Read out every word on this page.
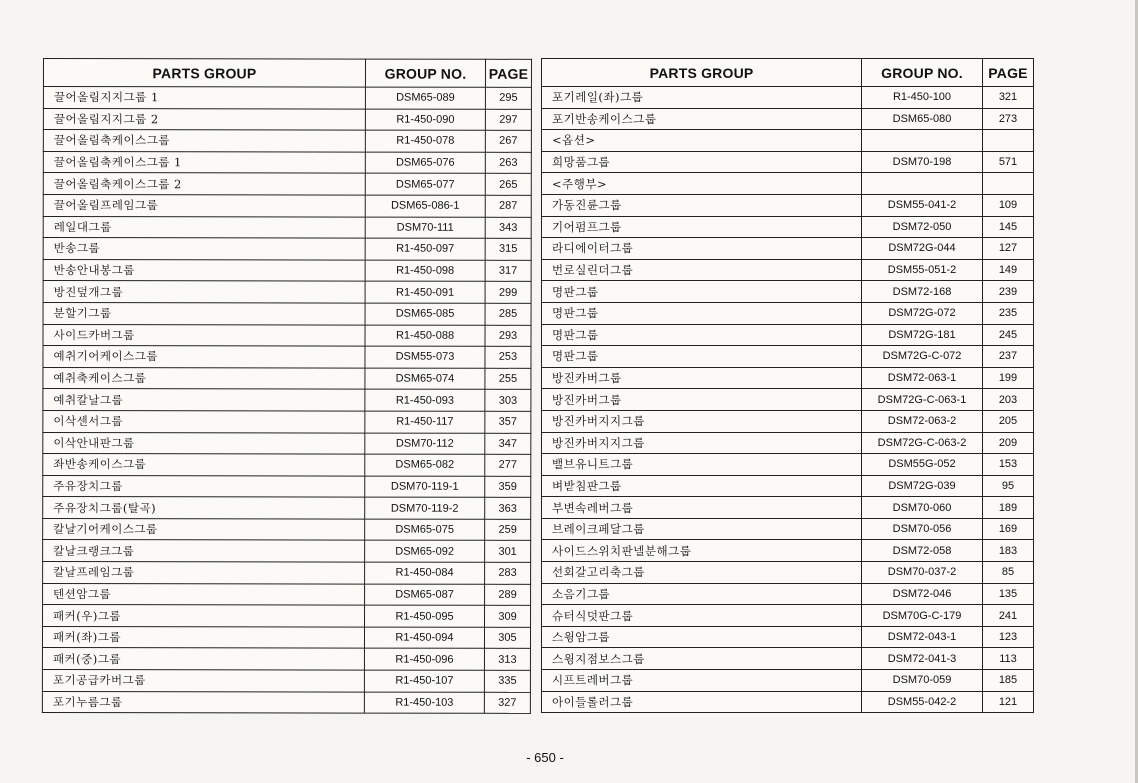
PARTS GROUP	GROUP NO.	PAGE
끌어올림지지그룹 1	DSM65-089	295
끌어올림지지그룹 2	R1-450-090	297
끌어올림축케이스그룹	R1-450-078	267
끌어올림축케이스그룹 1	DSM65-076	263
끌어올림축케이스그룹 2	DSM65-077	265
끌어올림프레임그룹	DSM65-086-1	287
레일대그룹	DSM70-111	343
반송그룹	R1-450-097	315
반송안내봉그룹	R1-450-098	317
방진덮개그룹	R1-450-091	299
분할기그룹	DSM65-085	285
사이드카버그룹	R1-450-088	293
예취기어케이스그룹	DSM55-073	253
예취축케이스그룹	DSM65-074	255
예취칼날그룹	R1-450-093	303
이삭센서그룹	R1-450-117	357
이삭안내판그룹	DSM70-112	347
좌반송케이스그룹	DSM65-082	277
주유장치그룹	DSM70-119-1	359
주유장치그룹(탈곡)	DSM70-119-2	363
칼날기어케이스그룹	DSM65-075	259
칼날크랭크그룹	DSM65-092	301
칼날프레임그룹	R1-450-084	283
텐션암그룹	DSM65-087	289
패커(우)그룹	R1-450-095	309
패커(좌)그룹	R1-450-094	305
패커(중)그룹	R1-450-096	313
포기공급카버그룹	R1-450-107	335
포기누름그룹	R1-450-103	327
PARTS GROUP	GROUP NO.	PAGE
포기레일(좌)그룹	R1-450-100	321
포기반송케이스그룹	DSM65-080	273
<옵션>		
희망품그룹	DSM70-198	571
<주행부>		
가동진륜그룹	DSM55-041-2	109
기어펌프그룹	DSM72-050	145
라디에이터그룹	DSM72G-044	127
번로실린더그룹	DSM55-051-2	149
명판그룹	DSM72-168	239
명판그룹	DSM72G-072	235
명판그룹	DSM72G-181	245
명판그룹	DSM72G-C-072	237
방진카버그룹	DSM72-063-1	199
방진카버그룹	DSM72G-C-063-1	203
방진카버지지그룹	DSM72-063-2	205
방진카버지지그룹	DSM72G-C-063-2	209
밸브유니트그룹	DSM55G-052	153
벼받침판그룹	DSM72G-039	95
부변속레버그룹	DSM70-060	189
브레이크페달그룹	DSM70-056	169
사이드스위치판넬분해그룹	DSM72-058	183
선회갈고리축그룹	DSM70-037-2	85
소음기그룹	DSM72-046	135
슈터식덧판그룹	DSM70G-C-179	241
스윙암그룹	DSM72-043-1	123
스윙지점보스그룹	DSM72-041-3	113
시프트레버그룹	DSM70-059	185
아이들롤러그룹	DSM55-042-2	121
- 650 -
